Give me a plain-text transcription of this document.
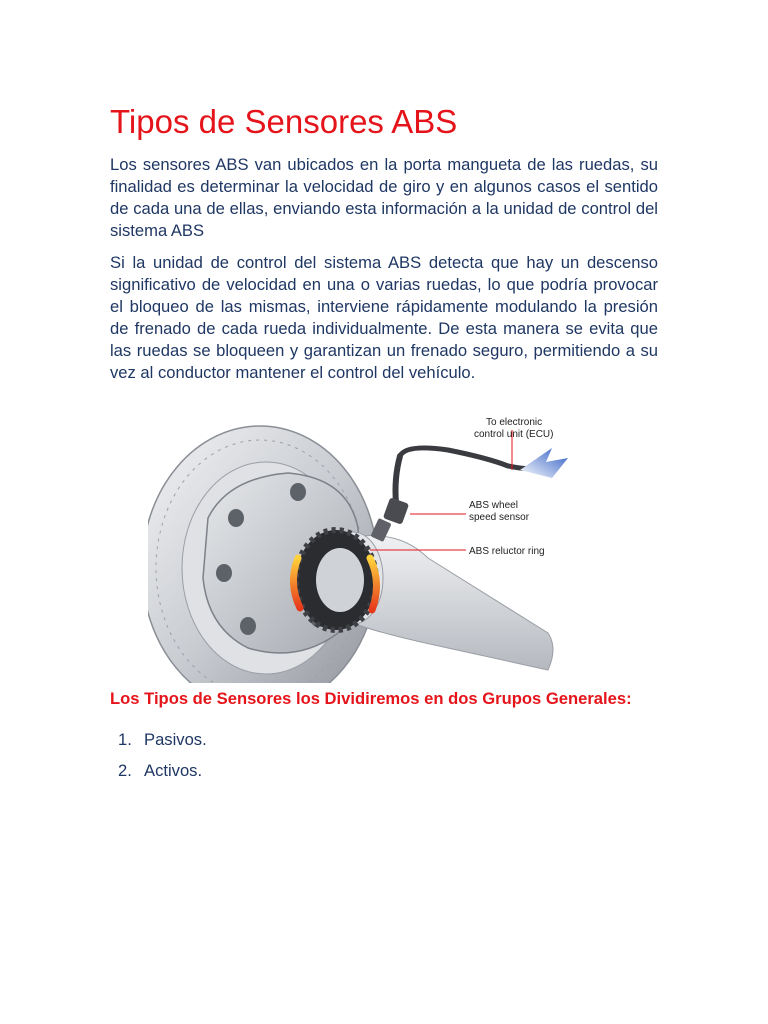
Tipos de Sensores ABS

Los sensores ABS van ubicados en la porta mangueta de las ruedas, su finalidad es determinar la velocidad de giro y en algunos casos el sentido de cada una de ellas, enviando esta información a la unidad de control del sistema ABS

Si la unidad de control del sistema ABS detecta que hay un descenso significativo de velocidad en una o varias ruedas, lo que podría provocar el bloqueo de las mismas, interviene rápidamente modulando la presión de frenado de cada rueda individualmente. De esta manera se evita que las ruedas se bloqueen y garantizan un frenado seguro, permitiendo a su vez al conductor mantener el control del vehículo.

To electronic
control unit (ECU)
ABS wheel
speed sensor
ABS reluctor ring

Los Tipos de Sensores los Dividiremos en dos Grupos Generales:

1. Pasivos.
2. Activos.
